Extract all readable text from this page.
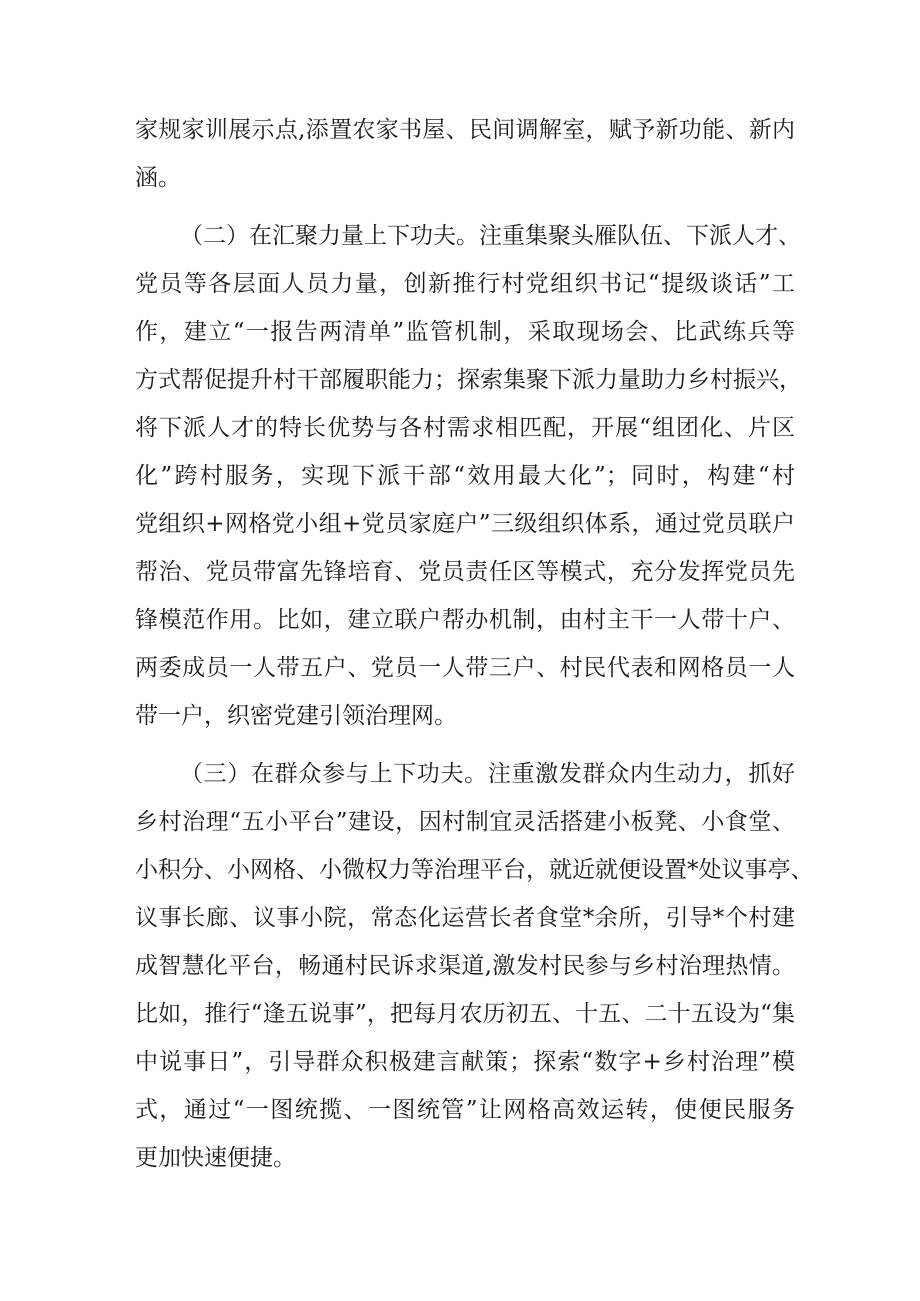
家规家训展示点,添置农家书屋、民间调解室，赋予新功能、新内
涵。
（二）在汇聚力量上下功夫。注重集聚头雁队伍、下派人才、
党员等各层面人员力量，创新推行村党组织书记“提级谈话”工
作，建立“一报告两清单”监管机制，采取现场会、比武练兵等
方式帮促提升村干部履职能力；探索集聚下派力量助力乡村振兴，
将下派人才的特长优势与各村需求相匹配，开展“组团化、片区
化”跨村服务，实现下派干部“效用最大化”；同时，构建“村
党组织+网格党小组+党员家庭户”三级组织体系，通过党员联户
帮治、党员带富先锋培育、党员责任区等模式，充分发挥党员先
锋模范作用。比如，建立联户帮办机制，由村主干一人带十户、
两委成员一人带五户、党员一人带三户、村民代表和网格员一人
带一户，织密党建引领治理网。
（三）在群众参与上下功夫。注重激发群众内生动力，抓好
乡村治理“五小平台”建设，因村制宜灵活搭建小板凳、小食堂、
小积分、小网格、小微权力等治理平台，就近就便设置*处议事亭、
议事长廊、议事小院，常态化运营长者食堂*余所，引导*个村建
成智慧化平台，畅通村民诉求渠道,激发村民参与乡村治理热情。
比如，推行“逢五说事”，把每月农历初五、十五、二十五设为“集
中说事日”，引导群众积极建言献策；探索“数字+乡村治理”模
式，通过“一图统揽、一图统管”让网格高效运转，使便民服务
更加快速便捷。
